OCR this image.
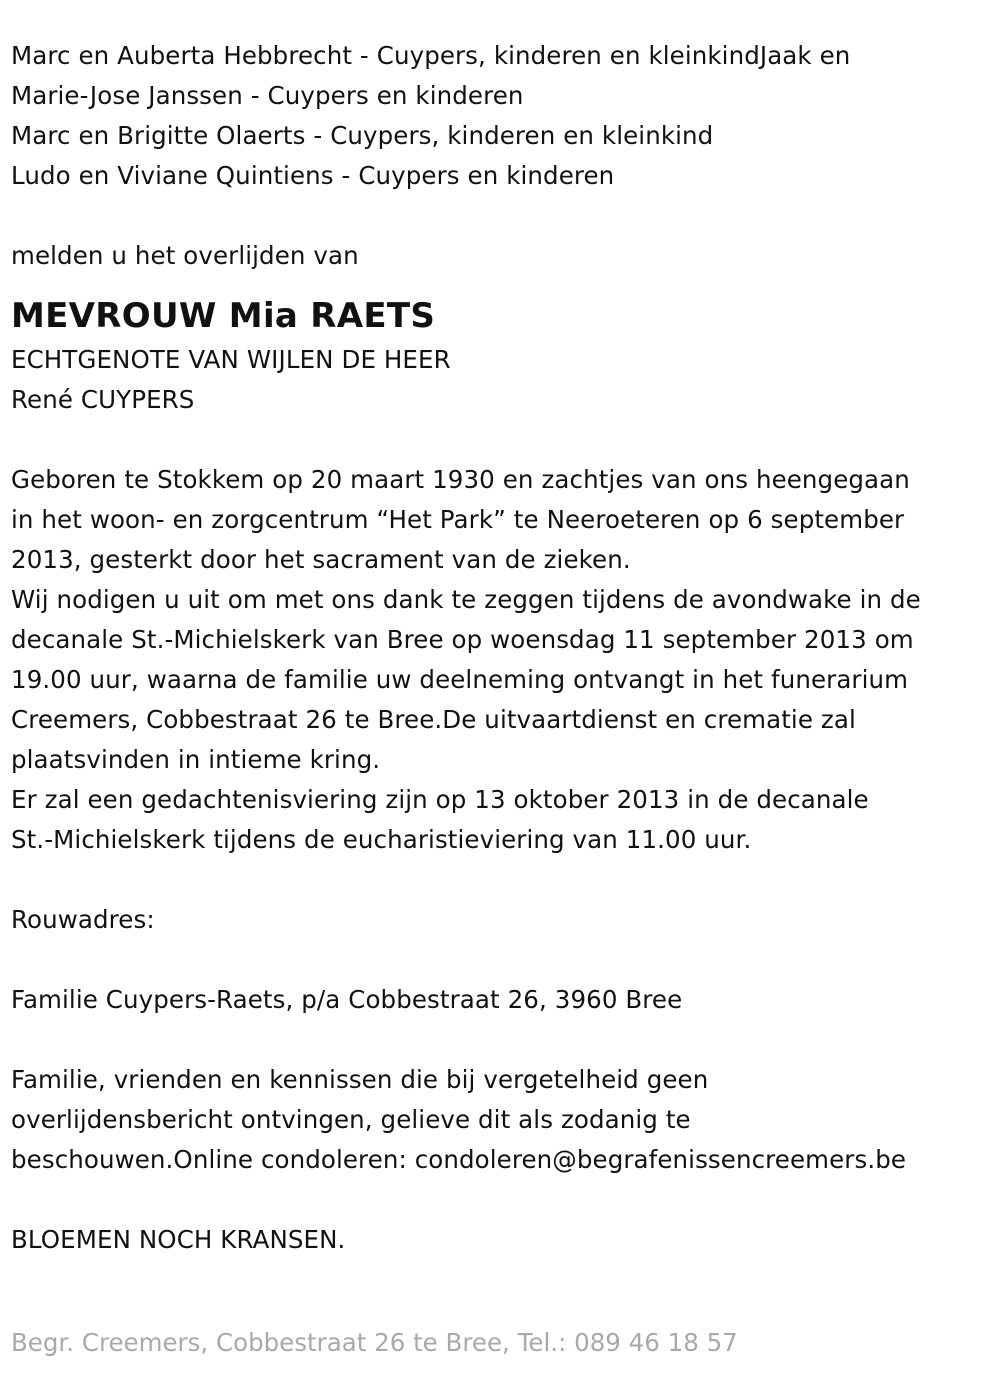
Marc en Auberta Hebbrecht - Cuypers, kinderen en kleinkindJaak en
Marie-Jose Janssen - Cuypers en kinderen
Marc en Brigitte Olaerts - Cuypers, kinderen en kleinkind
Ludo en Viviane Quintiens - Cuypers en kinderen
melden u het overlijden van
MEVROUW Mia RAETS
ECHTGENOTE VAN WIJLEN DE HEER
René CUYPERS
Geboren te Stokkem op 20 maart 1930 en zachtjes van ons heengegaan
in het woon- en zorgcentrum “Het Park” te Neeroeteren op 6 september
2013, gesterkt door het sacrament van de zieken.
Wij nodigen u uit om met ons dank te zeggen tijdens de avondwake in de
decanale St.-Michielskerk van Bree op woensdag 11 september 2013 om
19.00 uur, waarna de familie uw deelneming ontvangt in het funerarium
Creemers, Cobbestraat 26 te Bree.De uitvaartdienst en crematie zal
plaatsvinden in intieme kring.
Er zal een gedachtenisviering zijn op 13 oktober 2013 in de decanale
St.-Michielskerk tijdens de eucharistieviering van 11.00 uur.
Rouwadres:
Familie Cuypers-Raets, p/a Cobbestraat 26, 3960 Bree
Familie, vrienden en kennissen die bij vergetelheid geen
overlijdensbericht ontvingen, gelieve dit als zodanig te
beschouwen.Online condoleren: condoleren@begrafenissencreemers.be
BLOEMEN NOCH KRANSEN.
Begr. Creemers, Cobbestraat 26 te Bree, Tel.: 089 46 18 57
